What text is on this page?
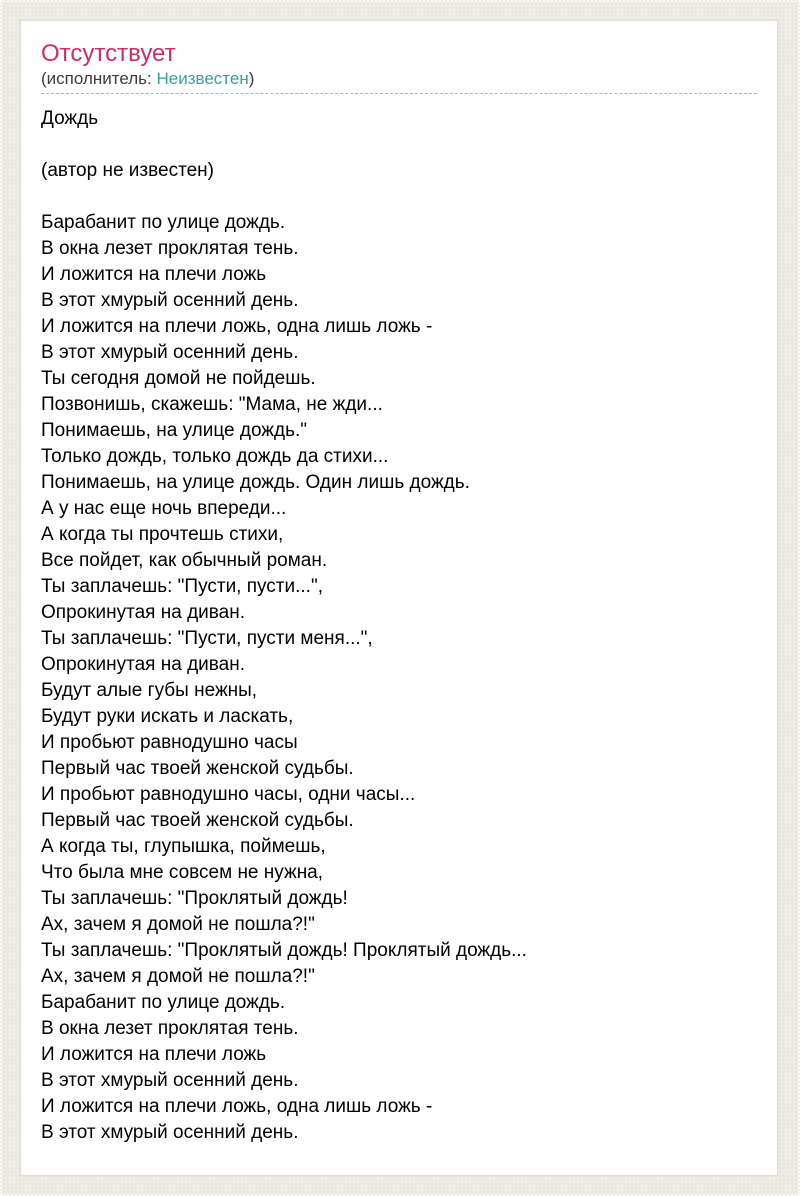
Отсутствует
(исполнитель: Неизвестен)
Дождь

(автор не известен)

Барабанит по улице дождь.
В окна лезет проклятая тень.
И ложится на плечи ложь
В этот хмурый осенний день.
И ложится на плечи ложь, одна лишь ложь -
В этот хмурый осенний день.
Ты сегодня домой не пойдешь.
Позвонишь, скажешь: "Мама, не жди...
Понимаешь, на улице дождь."
Только дождь, только дождь да стихи...
Понимаешь, на улице дождь. Один лишь дождь.
А у нас еще ночь впереди...
А когда ты прочтешь стихи,
Все пойдет, как обычный роман.
Ты заплачешь: "Пусти, пусти...",
Опрокинутая на диван.
Ты заплачешь: "Пусти, пусти меня...",
Опрокинутая на диван.
Будут алые губы нежны,
Будут руки искать и ласкать,
И пробьют равнодушно часы
Первый час твоей женской судьбы.
И пробьют равнодушно часы, одни часы...
Первый час твоей женской судьбы.
А когда ты, глупышка, поймешь,
Что была мне совсем не нужна,
Ты заплачешь: "Проклятый дождь!
Ах, зачем я домой не пошла?!"
Ты заплачешь: "Проклятый дождь! Проклятый дождь...
Ах, зачем я домой не пошла?!"
Барабанит по улице дождь.
В окна лезет проклятая тень.
И ложится на плечи ложь
В этот хмурый осенний день.
И ложится на плечи ложь, одна лишь ложь -
В этот хмурый осенний день.
